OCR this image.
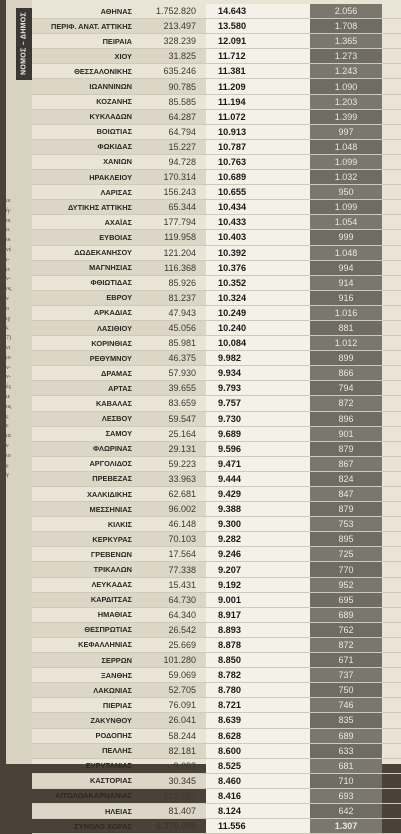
ΝΟΜΟΣ – ΔΗΜΟΣ
οι
ή-
οι
ο.
οι
νέ
ι-
ιτ
ν-
ος
ν
ο
ιχ
ς
7)
νι
ιο
ν-
ν-
ές
ιε
ος
ς
ε
ια
ν
ιο
ς
γ
ΑΘΗΝΑΣ	1.752.820	14.643	2.056
ΠΕΡΙΦ. ΑΝΑΤ. ΑΤΤΙΚΗΣ	213.497	13.580	1.708
ΠΕΙΡΑΙΑ	328.239	12.091	1.365
ΧΙΟΥ	31.825	11.712	1.273
ΘΕΣΣΑΛΟΝΙΚΗΣ	635.246	11.381	1.243
ΙΩΑΝΝΙΝΩΝ	90.785	11.209	1.090
ΚΟΖΑΝΗΣ	85.585	11.194	1.203
ΚΥΚΛΑΔΩΝ	64.287	11.072	1.399
ΒΟΙΩΤΙΑΣ	64.794	10.913	997
ΦΩΚΙΔΑΣ	15.227	10.787	1.048
ΧΑΝΙΩΝ	94.728	10.763	1.099
ΗΡΑΚΛΕΙΟΥ	170.314	10.689	1.032
ΛΑΡΙΣΑΣ	156.243	10.655	950
ΔΥΤΙΚΗΣ ΑΤΤΙΚΗΣ	65.344	10.434	1.099
ΑΧΑΪΑΣ	177.794	10.433	1.054
ΕΥΒΟΙΑΣ	119.958	10.403	999
ΔΩΔΕΚΑΝΗΣΟΥ	121.204	10.392	1.048
ΜΑΓΝΗΣΙΑΣ	116.368	10.376	994
ΦΘΙΩΤΙΔΑΣ	85.926	10.352	914
ΕΒΡΟΥ	81.237	10.324	916
ΑΡΚΑΔΙΑΣ	47.943	10.249	1.016
ΛΑΣΙΘΙΟΥ	45.056	10.240	881
ΚΟΡΙΝΘΙΑΣ	85.981	10.084	1.012
ΡΕΘΥΜΝΟΥ	46.375	9.982	899
ΔΡΑΜΑΣ	57.930	9.934	866
ΑΡΤΑΣ	39.655	9.793	794
ΚΑΒΑΛΑΣ	83.659	9.757	872
ΛΕΣΒΟΥ	59.547	9.730	896
ΣΑΜΟΥ	25.164	9.689	901
ΦΛΩΡΙΝΑΣ	29.131	9.596	879
ΑΡΓΟΛΙΔΟΣ	59.223	9.471	867
ΠΡΕΒΕΖΑΣ	33.963	9.444	824
ΧΑΛΚΙΔΙΚΗΣ	62.681	9.429	847
ΜΕΣΣΗΝΙΑΣ	96.002	9.388	879
ΚΙΛΚΙΣ	46.148	9.300	753
ΚΕΡΚΥΡΑΣ	70.103	9.282	895
ΓΡΕΒΕΝΩΝ	17.564	9.246	725
ΤΡΙΚΑΛΩΝ	77.338	9.207	770
ΛΕΥΚΑΔΑΣ	15.431	9.192	952
ΚΑΡΔΙΤΣΑΣ	64.730	9.001	695
ΗΜΑΘΙΑΣ	64.340	8.917	689
ΘΕΣΠΡΩΤΙΑΣ	26.542	8.893	762
ΚΕΦΑΛΛΗΝΙΑΣ	25.669	8.878	872
ΣΕΡΡΩΝ	101.280	8.850	671
ΞΑΝΘΗΣ	59.069	8.782	737
ΛΑΚΩΝΙΑΣ	52.705	8.780	750
ΠΙΕΡΙΑΣ	76.091	8.721	746
ΖΑΚΥΝΘΟΥ	26.041	8.639	835
ΡΟΔΟΠΗΣ	58.244	8.628	689
ΠΕΛΛΗΣ	82.181	8.600	633
ΕΥΡΥΤΑΝΙΑΣ	9.083	8.525	681
ΚΑΣΤΟΡΙΑΣ	30.345	8.460	710
ΑΙΤΩΛΟΑΚΑΡΝΑΝΙΑΣ	122.057	8.416	693
ΗΛΕΙΑΣ	81.407	8.124	642
ΣΥΝΟΛΟ ΧΩΡΑΣ	6.370.099	11.556	1.307
